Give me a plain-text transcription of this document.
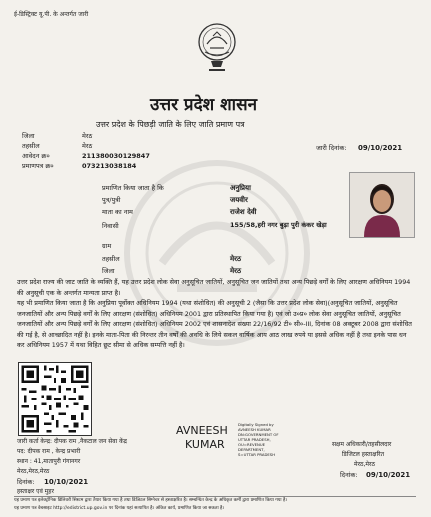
ई-डिस्ट्रिक्ट यू.पी. के अन्तर्गत जारी
उत्तर प्रदेश शासन
उत्तर प्रदेश के पिछड़ी जाति के लिए जाति प्रमाण पत्र
जिला	मेरठ
तहसील	मेरठ
आवेदन क्र०	211380030129847
प्रमाणपत्र क्र०	073213038184
जारी दिनांक: 09/10/2021
प्रमाणित किया जाता है कि	अनुप्रिया
पुत्र/पुत्री	जयवीर
माता का नाम	राजेश देवी
निवासी	155/58,हरी नगर बुढ़ा पुरी कंकर खेड़ा
ग्राम
तहसील	मेरठ
जिला	मेरठ
उत्तर प्रदेश राज्य की जाट जाति के व्यक्ति हैं, यह उत्तर प्रदेश लोक सेवा अनुसूचित जातियों, अनुसूचित जन जातियों तथा अन्य पिछड़े वर्गों के लिए आरक्षण अधिनियम 1994 की अनुसूची एक के अन्तर्गत मान्यता प्राप्त है।
यह भी प्रमाणित किया जाता है कि अनुप्रिया पूर्वोक्त अधिनियम 1994 (यथा संशोधित) की अनुसूची 2 (जैसा कि उत्तर प्रदेश लोक सेवा)(अनुसूचित जातियों, अनुसूचित जनजातियों और अन्य पिछड़े वर्गों के लिए आरक्षण (संशोधित) अधिनियम 2001 द्वारा प्रतिस्थापित किया गया है) एवं जो उ०प्र० लोक सेवा अनुसूचित जातियों, अनुसूचित जनजातियों और अन्य पिछड़े वर्गों के लिए आरक्षण (संशोधित) अधिनियम 2002 एवं शासनादेश संख्या 22/16/92 टी० सी०-III, दिनांक 08 अक्टूबर 2008 द्वारा संशोधित की गई है, से आच्छादित नहीं है। इनके माता-पिता की निरन्तर तीन वर्षों की अवधि के लिये सकल वार्षिक आय आठ लाख रुपये या इससे अधिक नहीं है तथा इनके पास धन कर अधिनियम 1957 में यथा विहित छूट सीमा से अधिक सम्पत्ति नहीं है।
जारी कर्ता केन्द्र: दीपक राम ,नैकटाल जन सेवा केंद्र
पद: दीपक राम , केन्द्र प्रभारी
स्थान : 41,मातापुरी गंगानगर
मेरठ,मेरठ,मेरठ
दिनांक: 10/10/2021
हस्ताक्षर एवं मुहर
AVNEESH
KUMAR
Digitally Signed by
AVNEESH KUMAR
DN:GOVERNMENT OF
UTTAR PRADESH,
OU=REVENUE
DEPARTMENT,
S=UTTAR PRADESH
सक्षम अधिकारी/तहसीलदार
डिजिटल हस्ताक्षरित
मेरठ,मेरठ
दिनांक: 09/10/2021
यह प्रमाण पत्र इलेक्ट्रॉनिक डिलिवरी सिस्टम द्वारा तैयार किया गया है तथा डिजिटल सिग्नेचर से हस्ताक्षरित है। सम्बन्धित केन्द्र के अधिकृत कर्मी द्वारा प्रमाणित किया गया है।
यह प्रमाण पत्र वेबसाइट http://edistrict.up.gov.in पर दिनांक यहां सत्यापित है। अंकित कार्य, प्रमाणित किया जा सकता है।
